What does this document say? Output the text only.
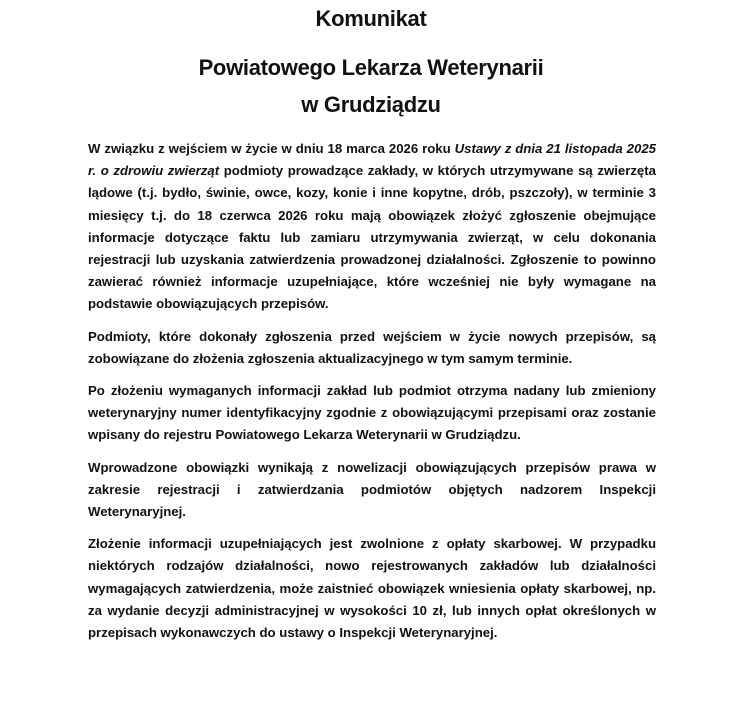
Komunikat
Powiatowego Lekarza Weterynarii
w Grudziądzu

W związku z wejściem w życie w dniu 18 marca 2026 roku Ustawy z dnia 21 listopada 2025 r. o zdrowiu zwierząt podmioty prowadzące zakłady, w których utrzymywane są zwierzęta lądowe (t.j. bydło, świnie, owce, kozy, konie i inne kopytne, drób, pszczoły), w terminie 3 miesięcy t.j. do 18 czerwca 2026 roku mają obowiązek złożyć zgłoszenie obejmujące informacje dotyczące faktu lub zamiaru utrzymywania zwierząt, w celu dokonania rejestracji lub uzyskania zatwierdzenia prowadzonej działalności. Zgłoszenie to powinno zawierać również informacje uzupełniające, które wcześniej nie były wymagane na podstawie obowiązujących przepisów.

Podmioty, które dokonały zgłoszenia przed wejściem w życie nowych przepisów, są zobowiązane do złożenia zgłoszenia aktualizacyjnego w tym samym terminie.

Po złożeniu wymaganych informacji zakład lub podmiot otrzyma nadany lub zmieniony weterynaryjny numer identyfikacyjny zgodnie z obowiązującymi przepisami oraz zostanie wpisany do rejestru Powiatowego Lekarza Weterynarii w Grudziądzu.

Wprowadzone obowiązki wynikają z nowelizacji obowiązujących przepisów prawa w zakresie rejestracji i zatwierdzania podmiotów objętych nadzorem Inspekcji Weterynaryjnej.

Złożenie informacji uzupełniających jest zwolnione z opłaty skarbowej. W przypadku niektórych rodzajów działalności, nowo rejestrowanych zakładów lub działalności wymagających zatwierdzenia, może zaistnieć obowiązek wniesienia opłaty skarbowej, np. za wydanie decyzji administracyjnej w wysokości 10 zł, lub innych opłat określonych w przepisach wykonawczych do ustawy o Inspekcji Weterynaryjnej.
